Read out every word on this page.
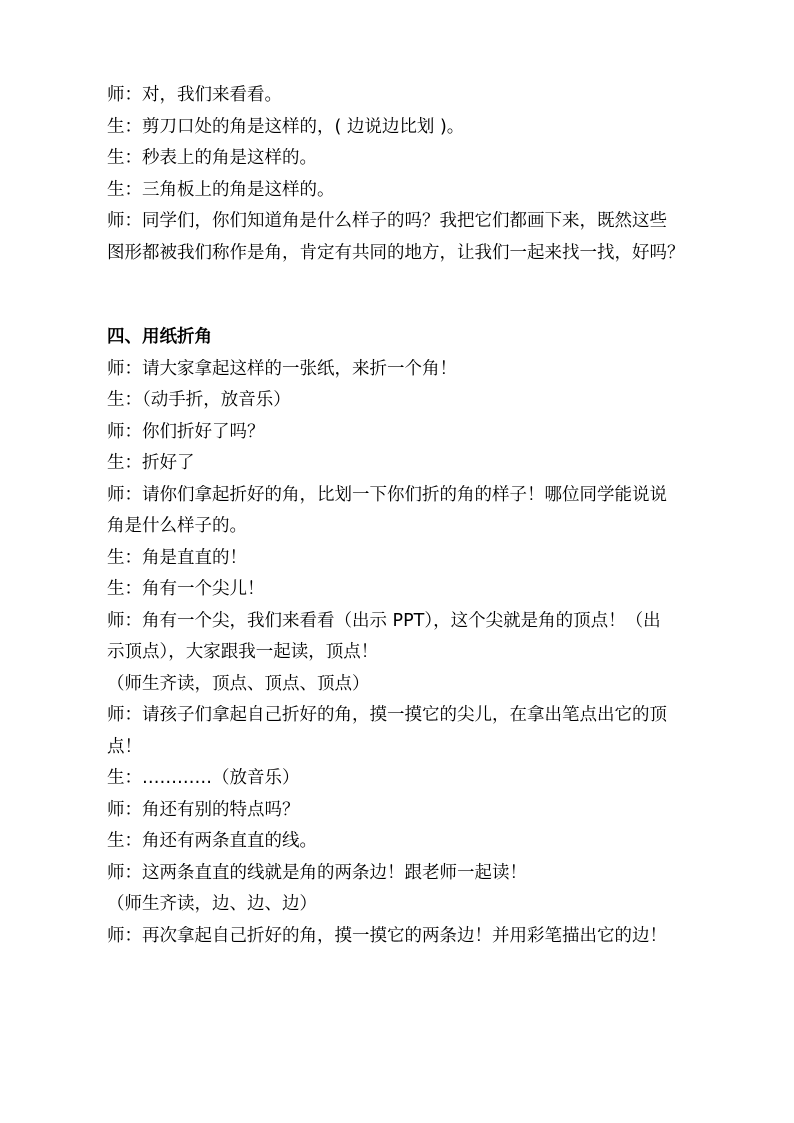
师：对，我们来看看。
生：剪刀口处的角是这样的，( 边说边比划 )。
生：秒表上的角是这样的。
生：三角板上的角是这样的。
师：同学们，你们知道角是什么样子的吗？我把它们都画下来，既然这些
图形都被我们称作是角，肯定有共同的地方，让我们一起来找一找，好吗？
四、用纸折角
师：请大家拿起这样的一张纸，来折一个角！
生：（动手折，放音乐）
师：你们折好了吗？
生：折好了
师：请你们拿起折好的角，比划一下你们折的角的样子！哪位同学能说说
角是什么样子的。
生：角是直直的！
生：角有一个尖儿！
师：角有一个尖，我们来看看（出示 PPT），这个尖就是角的顶点！（出
示顶点），大家跟我一起读，顶点！
（师生齐读，顶点、顶点、顶点）
师：请孩子们拿起自己折好的角，摸一摸它的尖儿，在拿出笔点出它的顶
点！
生：…………（放音乐）
师：角还有别的特点吗？
生：角还有两条直直的线。
师：这两条直直的线就是角的两条边！跟老师一起读！
（师生齐读，边、边、边）
师：再次拿起自己折好的角，摸一摸它的两条边！并用彩笔描出它的边！
